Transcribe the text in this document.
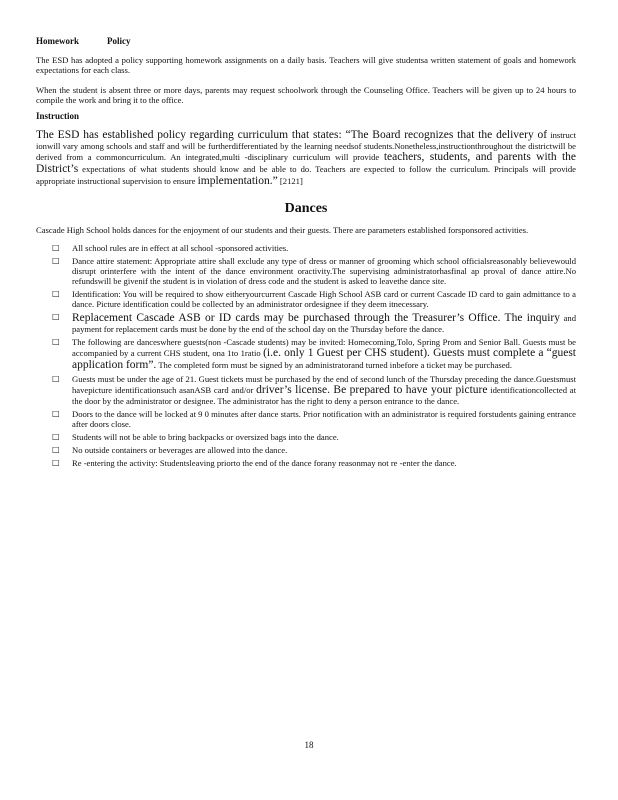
Homework	Policy

The ESD has adopted a policy supporting homework assignments on a daily basis. Teachers will give studentsa written statement of goals and homework expectations for each class.

When the student is absent three or more days, parents may request schoolwork through the Counseling Office. Teachers will be given up to 24 hours to compile the work and bring it to the office.

Instruction

The ESD has established policy regarding curriculum that states: “The Board recognizes that the delivery of instruct ionwill vary among schools and staff and will be furtherdifferentiated by the learning needsof students.Nonetheless,instructionthroughout the districtwill be derived from a commoncurriculum. An integrated,multi -disciplinary curriculum will provide teachers, students, and parents with the District’s expectations of what students should know and be able to do. Teachers are expected to follow the curriculum. Principals will provide appropriate instructional supervision to ensure implementation.” [2121]

Dances

Cascade High School holds dances for the enjoyment of our students and their guests. There are parameters established forsponsored activities.

□ All school rules are in effect at all school -sponsored activities.
□ Dance attire statement: Appropriate attire shall exclude any type of dress or manner of grooming which school officialsreasonably believewould disrupt orinterfere with the intent of the dance environment oractivity.The supervising administratorhasfinal ap proval of dance attire.No refundswill be givenif the student is in violation of dress code and the student is asked to leavethe dance site.
□ Identification: You will be required to show eitheryourcurrent Cascade High School ASB card or current Cascade ID card to gain admittance to a dance. Picture identification could be collected by an administrator ordesignee if they deem itnecessary.
□ Replacement Cascade ASB or ID cards may be purchased through the Treasurer’s Office. The inquiry and payment for replacement cards must be done by the end of the school day on the Thursday before the dance.
□ The following are danceswhere guests(non -Cascade students) may be invited: Homecoming,Tolo, Spring Prom and Senior Ball. Guests must be accompanied by a current CHS student, ona 1to 1ratio (i.e. only 1 Guest per CHS student). Guests must complete a “guest application form”. The completed form must be signed by an administratorand turned inbefore a ticket may be purchased.
□ Guests must be under the age of 21. Guest tickets must be purchased by the end of second lunch of the Thursday preceding the dance.Guestsmust havepicture identificationsuch asanASB card and/or driver’s license. Be prepared to have your picture identificationcollected at the door by the administrator or designee. The administrator has the right to deny a person entrance to the dance.
□ Doors to the dance will be locked at 9 0 minutes after dance starts. Prior notification with an administrator is required forstudents gaining entrance after doors close.
□ Students will not be able to bring backpacks or oversized bags into the dance.
□ No outside containers or beverages are allowed into the dance.
□ Re -entering the activity: Studentsleaving priorto the end of the dance forany reasonmay not re -enter the dance.
18
